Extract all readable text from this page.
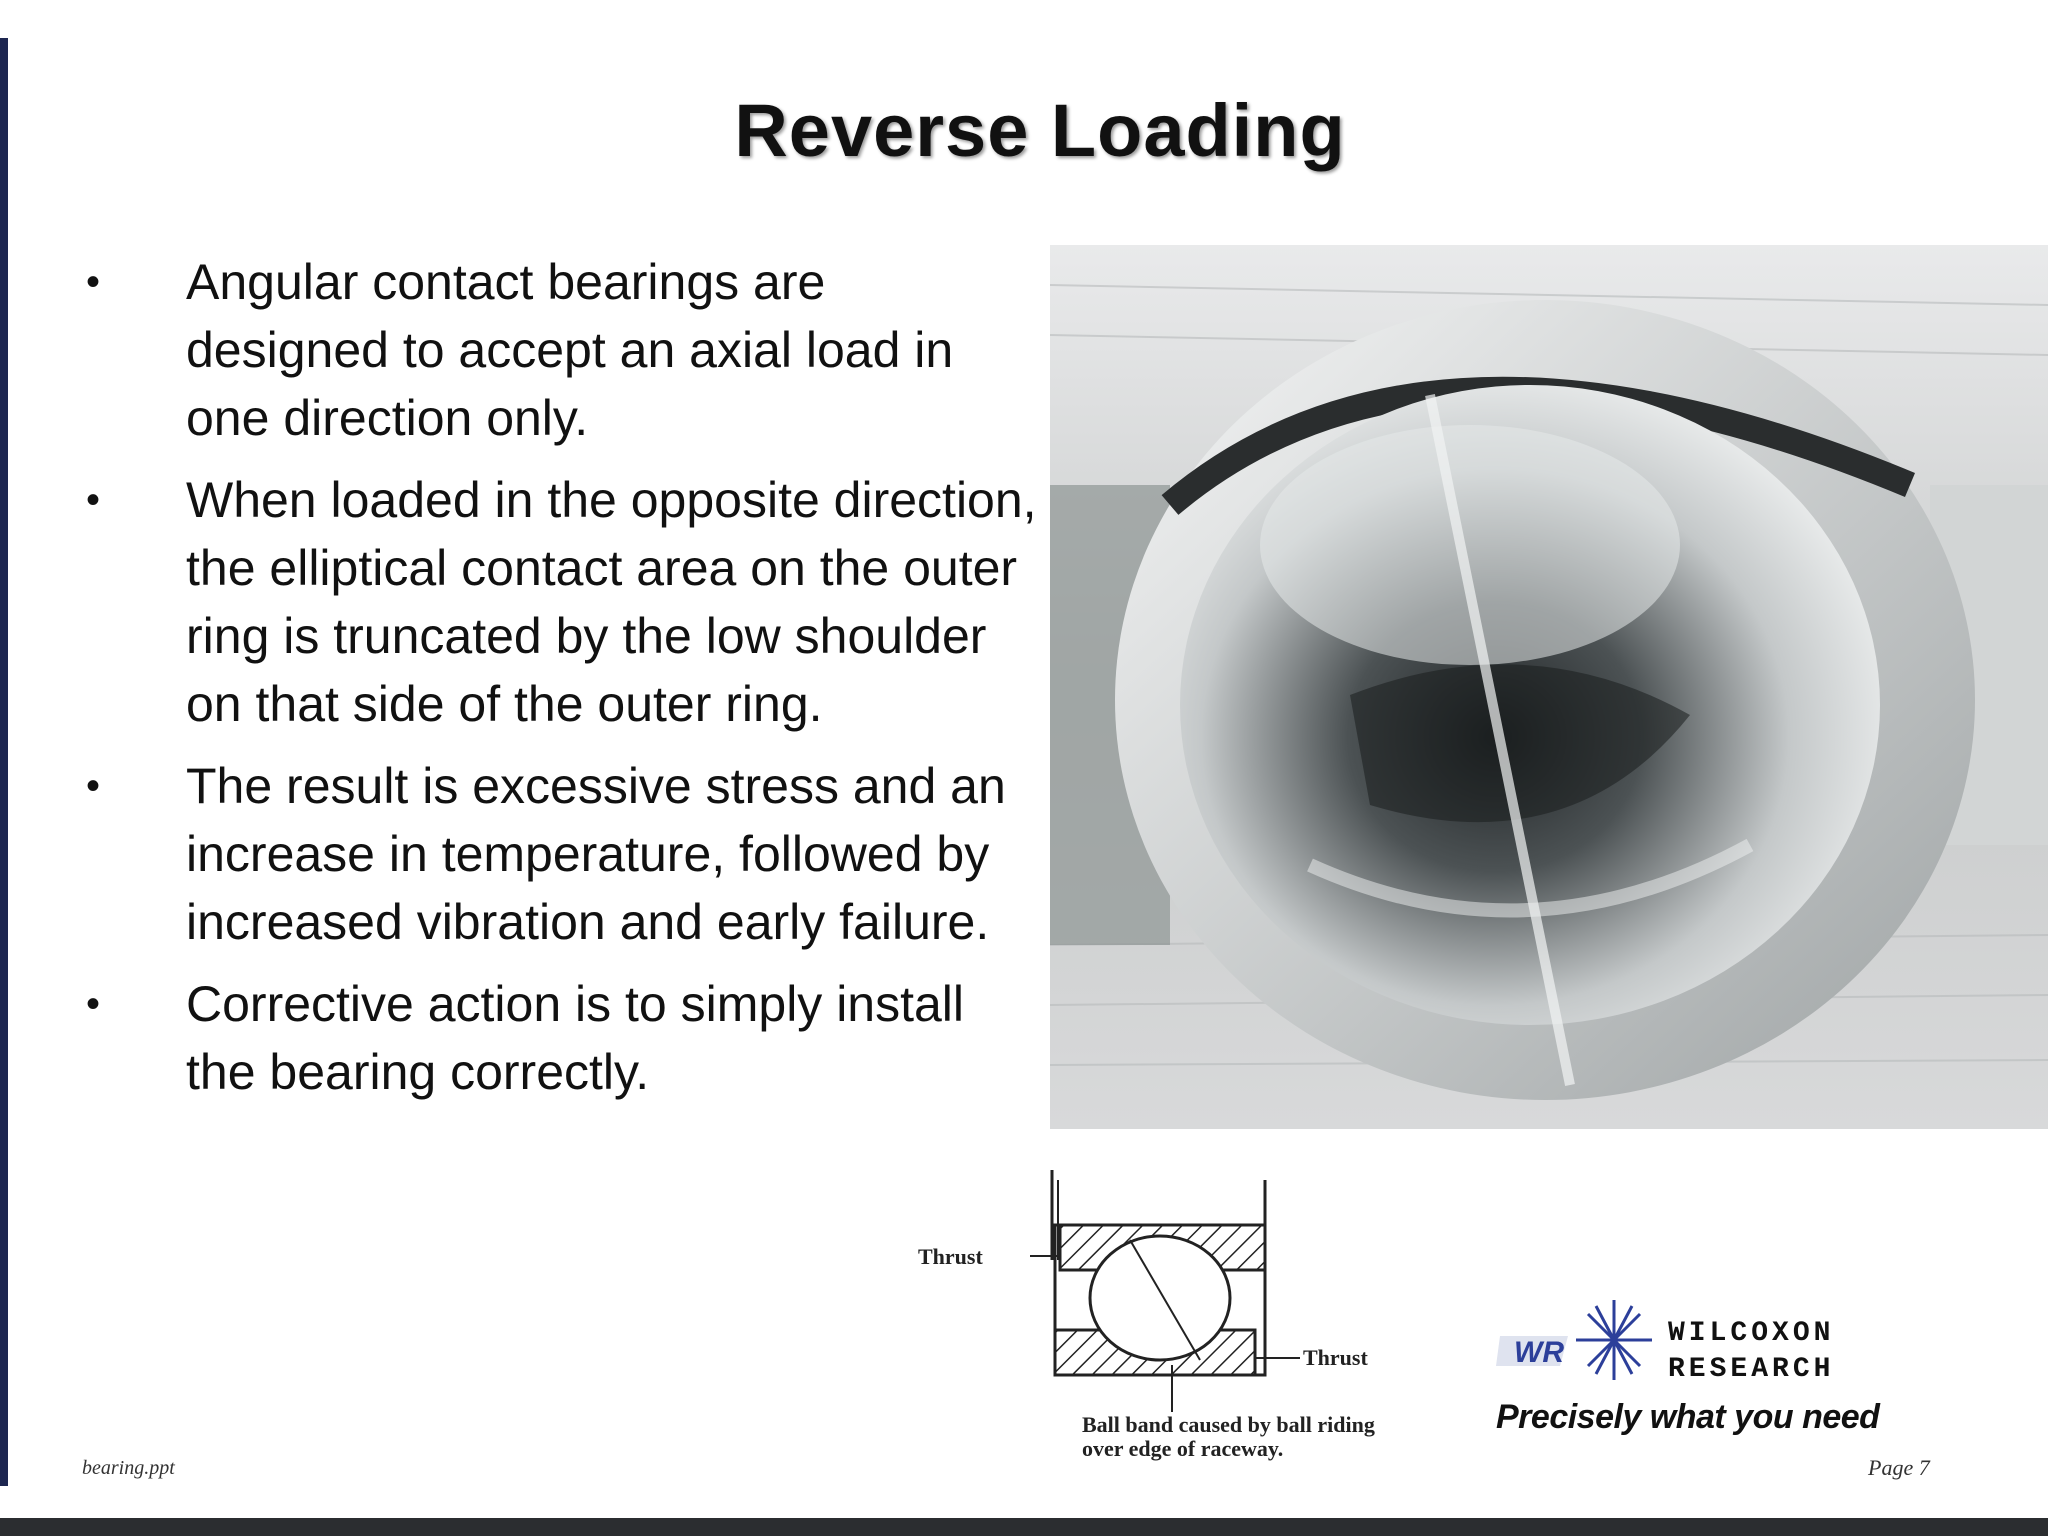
Reverse Loading
• Angular contact bearings are designed to accept an axial load in one direction only.
• When loaded in the opposite direction, the elliptical contact area on the outer ring is truncated by the low shoulder on that side of the outer ring.
• The result is excessive stress and an increase in temperature, followed by increased vibration and early failure.
• Corrective action is to simply install the bearing correctly.
Thrust
Thrust
Ball band caused by ball riding over edge of raceway.
WR
WILCOXON
RESEARCH
Precisely what you need
bearing.ppt	Page 7
